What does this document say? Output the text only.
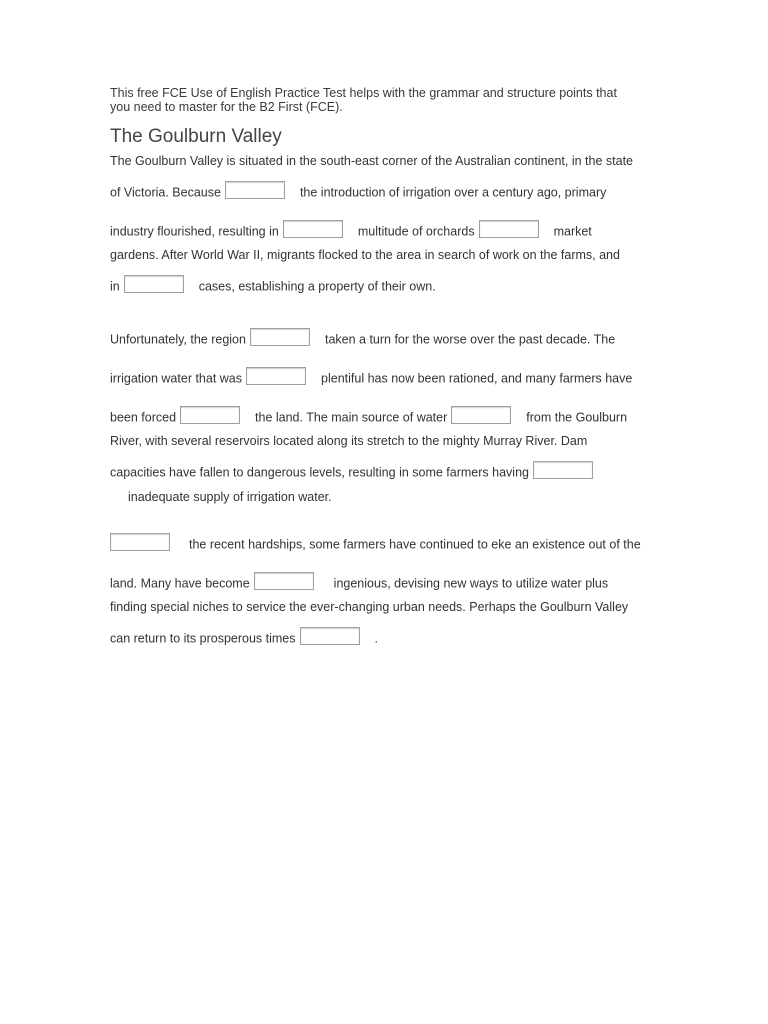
This free FCE Use of English Practice Test helps with the grammar and structure points that
you need to master for the B2 First (FCE).

The Goulburn Valley
The Goulburn Valley is situated in the south-east corner of the Australian continent, in the state
of Victoria. Because	the introduction of irrigation over a century ago, primary
industry flourished, resulting in	multitude of orchards	market
gardens. After World War II, migrants flocked to the area in search of work on the farms, and
in	cases, establishing a property of their own.
Unfortunately, the region	taken a turn for the worse over the past decade. The
irrigation water that was	plentiful has now been rationed, and many farmers have
been forced	the land. The main source of water	from the Goulburn
River, with several reservoirs located along its stretch to the mighty Murray River. Dam
capacities have fallen to dangerous levels, resulting in some farmers having
inadequate supply of irrigation water.
the recent hardships, some farmers have continued to eke an existence out of the
land. Many have become	ingenious, devising new ways to utilize water plus
finding special niches to service the ever-changing urban needs. Perhaps the Goulburn Valley
can return to its prosperous times	.
